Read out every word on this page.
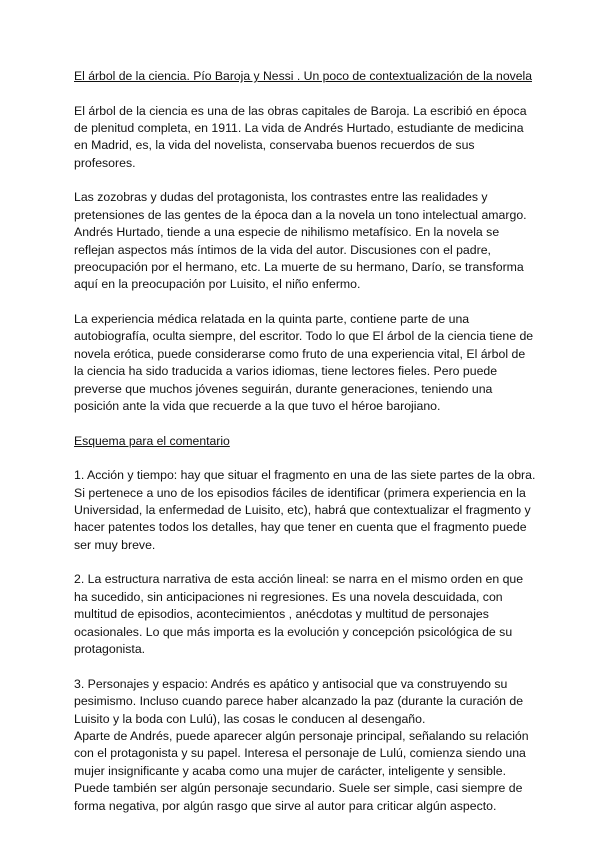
El árbol de la ciencia. Pío Baroja y Nessi . Un poco de contextualización de la novela

El árbol de la ciencia es una de las obras capitales de Baroja. La escribió en época
de plenitud completa, en 1911. La vida de Andrés Hurtado, estudiante de medicina
en Madrid, es, la vida del novelista, conservaba buenos recuerdos de sus
profesores.

Las zozobras y dudas del protagonista, los contrastes entre las realidades y
pretensiones de las gentes de la época dan a la novela un tono intelectual amargo.
Andrés Hurtado, tiende a una especie de nihilismo metafísico. En la novela se
reflejan aspectos más íntimos de la vida del autor. Discusiones con el padre,
preocupación por el hermano, etc. La muerte de su hermano, Darío, se transforma
aquí en la preocupación por Luisito, el niño enfermo.

La experiencia médica relatada en la quinta parte, contiene parte de una
autobiografía, oculta siempre, del escritor. Todo lo que El árbol de la ciencia tiene de
novela erótica, puede considerarse como fruto de una experiencia vital, El árbol de
la ciencia ha sido traducida a varios idiomas, tiene lectores fieles. Pero puede
preverse que muchos jóvenes seguirán, durante generaciones, teniendo una
posición ante la vida que recuerde a la que tuvo el héroe barojiano.

Esquema para el comentario

1. Acción y tiempo: hay que situar el fragmento en una de las siete partes de la obra.
Si pertenece a uno de los episodios fáciles de identificar (primera experiencia en la
Universidad, la enfermedad de Luisito, etc), habrá que contextualizar el fragmento y
hacer patentes todos los detalles, hay que tener en cuenta que el fragmento puede
ser muy breve.

2. La estructura narrativa de esta acción lineal: se narra en el mismo orden en que
ha sucedido, sin anticipaciones ni regresiones. Es una novela descuidada, con
multitud de episodios, acontecimientos , anécdotas y multitud de personajes
ocasionales. Lo que más importa es la evolución y concepción psicológica de su
protagonista.

3. Personajes y espacio: Andrés es apático y antisocial que va construyendo su
pesimismo. Incluso cuando parece haber alcanzado la paz (durante la curación de
Luisito y la boda con Lulú), las cosas le conducen al desengaño.
Aparte de Andrés, puede aparecer algún personaje principal, señalando su relación
con el protagonista y su papel. Interesa el personaje de Lulú, comienza siendo una
mujer insignificante y acaba como una mujer de carácter, inteligente y sensible.
Puede también ser algún personaje secundario. Suele ser simple, casi siempre de
forma negativa, por algún rasgo que sirve al autor para criticar algún aspecto.
